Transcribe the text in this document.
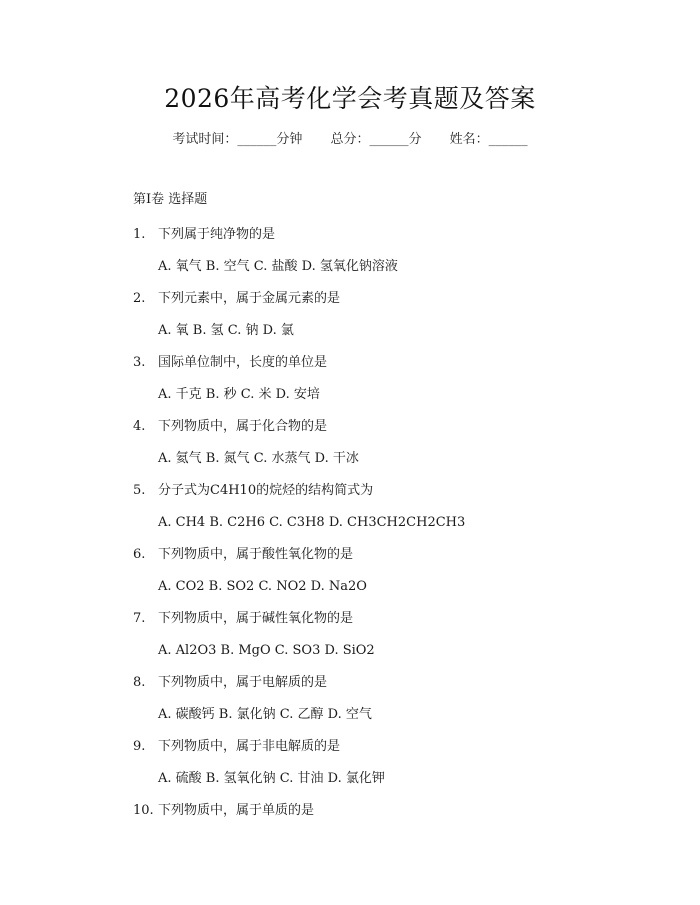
2026年高考化学会考真题及答案
考试时间：______分钟 总分：______分 姓名：______
第Ⅰ卷 选择题
1. 下列属于纯净物的是
A. 氧气 B. 空气 C. 盐酸 D. 氢氧化钠溶液
2. 下列元素中，属于金属元素的是
A. 氧 B. 氢 C. 钠 D. 氯
3. 国际单位制中，长度的单位是
A. 千克 B. 秒 C. 米 D. 安培
4. 下列物质中，属于化合物的是
A. 氦气 B. 氮气 C. 水蒸气 D. 干冰
5. 分子式为C4H10的烷烃的结构简式为
A. CH4 B. C2H6 C. C3H8 D. CH3CH2CH2CH3
6. 下列物质中，属于酸性氧化物的是
A. CO2 B. SO2 C. NO2 D. Na2O
7. 下列物质中，属于碱性氧化物的是
A. Al2O3 B. MgO C. SO3 D. SiO2
8. 下列物质中，属于电解质的是
A. 碳酸钙 B. 氯化钠 C. 乙醇 D. 空气
9. 下列物质中，属于非电解质的是
A. 硫酸 B. 氢氧化钠 C. 甘油 D. 氯化钾
10. 下列物质中，属于单质的是
